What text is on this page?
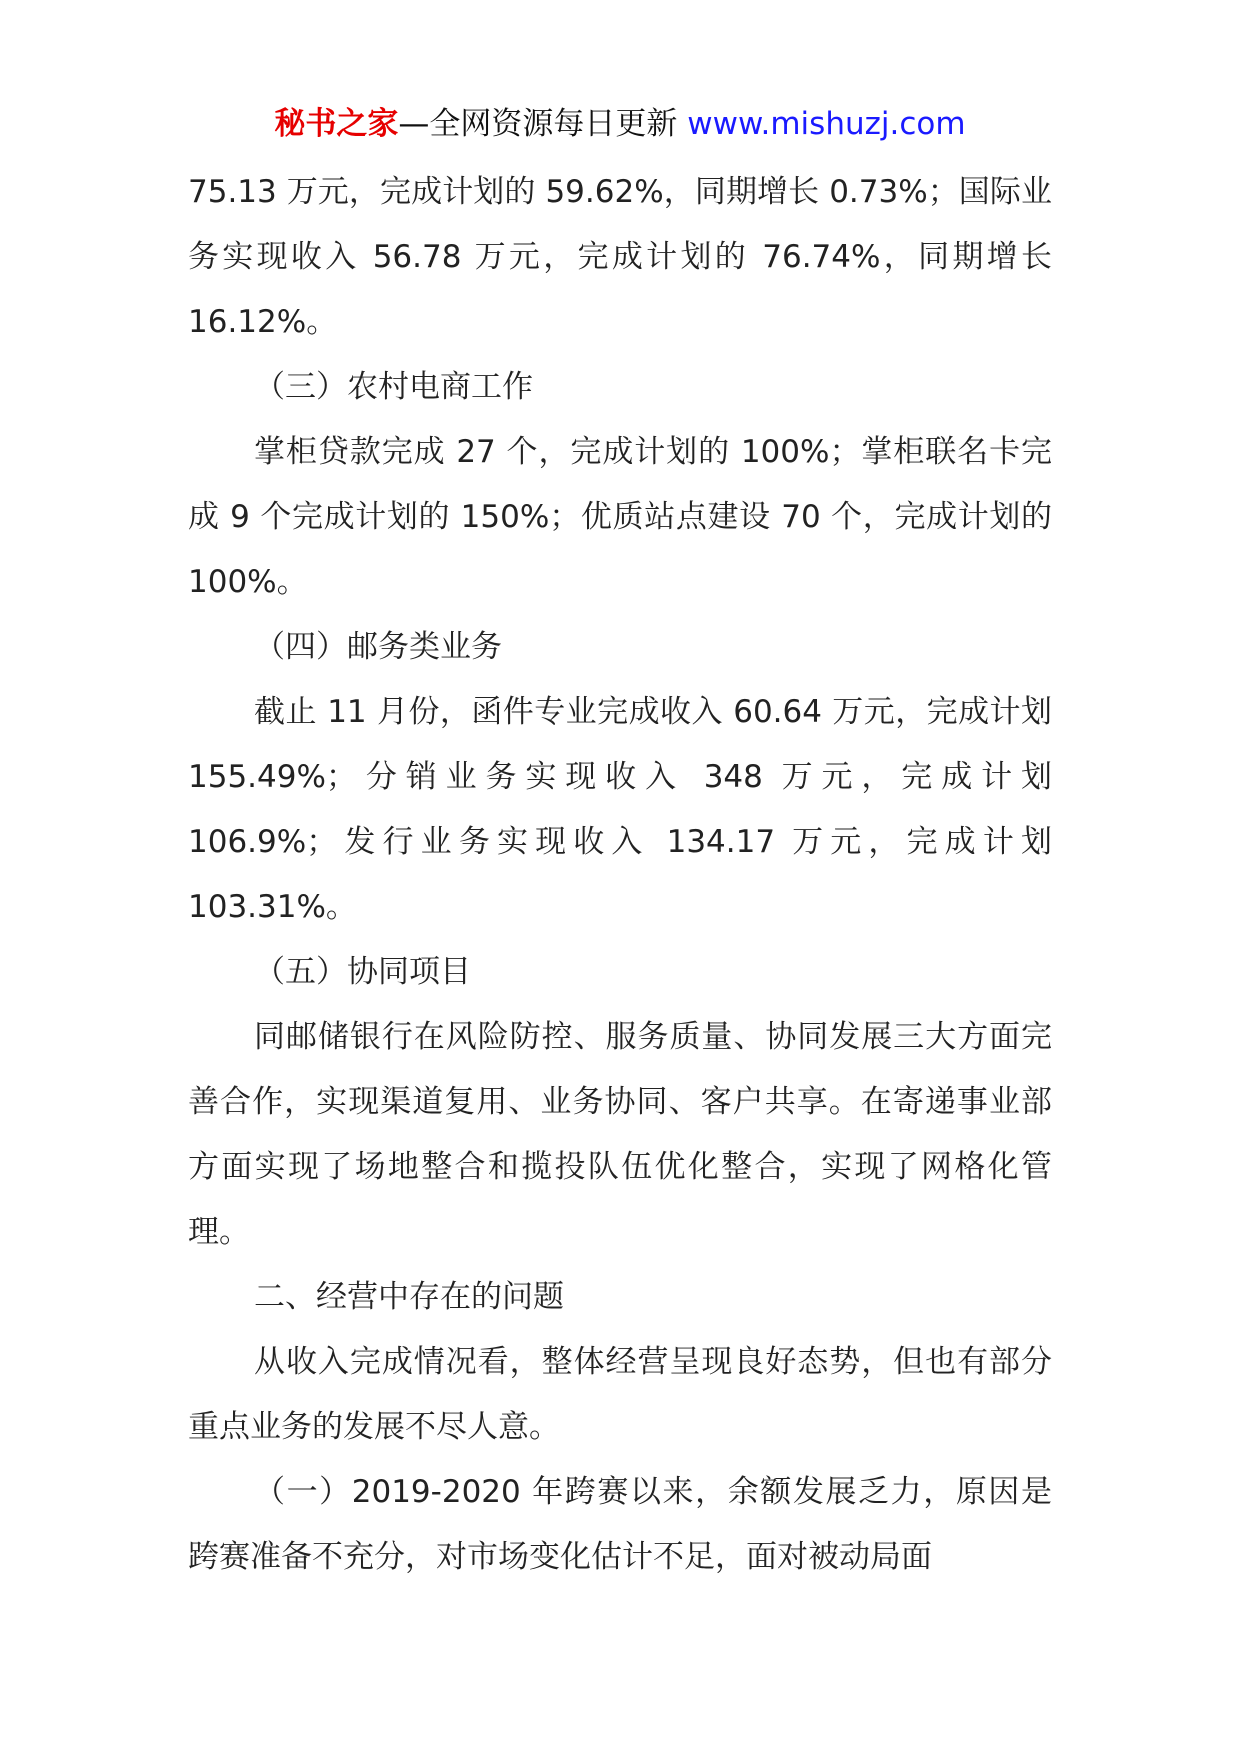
秘书之家—全网资源每日更新 www.mishuzj.com

75.13 万元，完成计划的 59.62%，同期增长 0.73%；国际业务实现收入 56.78 万元，完成计划的 76.74%，同期增长 16.12%。

（三）农村电商工作

掌柜贷款完成 27 个，完成计划的 100%；掌柜联名卡完成 9 个完成计划的 150%；优质站点建设 70 个，完成计划的 100%。

（四）邮务类业务

截止 11 月份，函件专业完成收入 60.64 万元，完成计划 155.49%；分销业务实现收入 348 万元，完成计划 106.9%；发行业务实现收入 134.17 万元，完成计划 103.31%。

（五）协同项目

同邮储银行在风险防控、服务质量、协同发展三大方面完善合作，实现渠道复用、业务协同、客户共享。在寄递事业部方面实现了场地整合和揽投队伍优化整合，实现了网格化管理。

二、经营中存在的问题

从收入完成情况看，整体经营呈现良好态势，但也有部分重点业务的发展不尽人意。

（一）2019-2020 年跨赛以来，余额发展乏力，原因是跨赛准备不充分，对市场变化估计不足，面对被动局面
